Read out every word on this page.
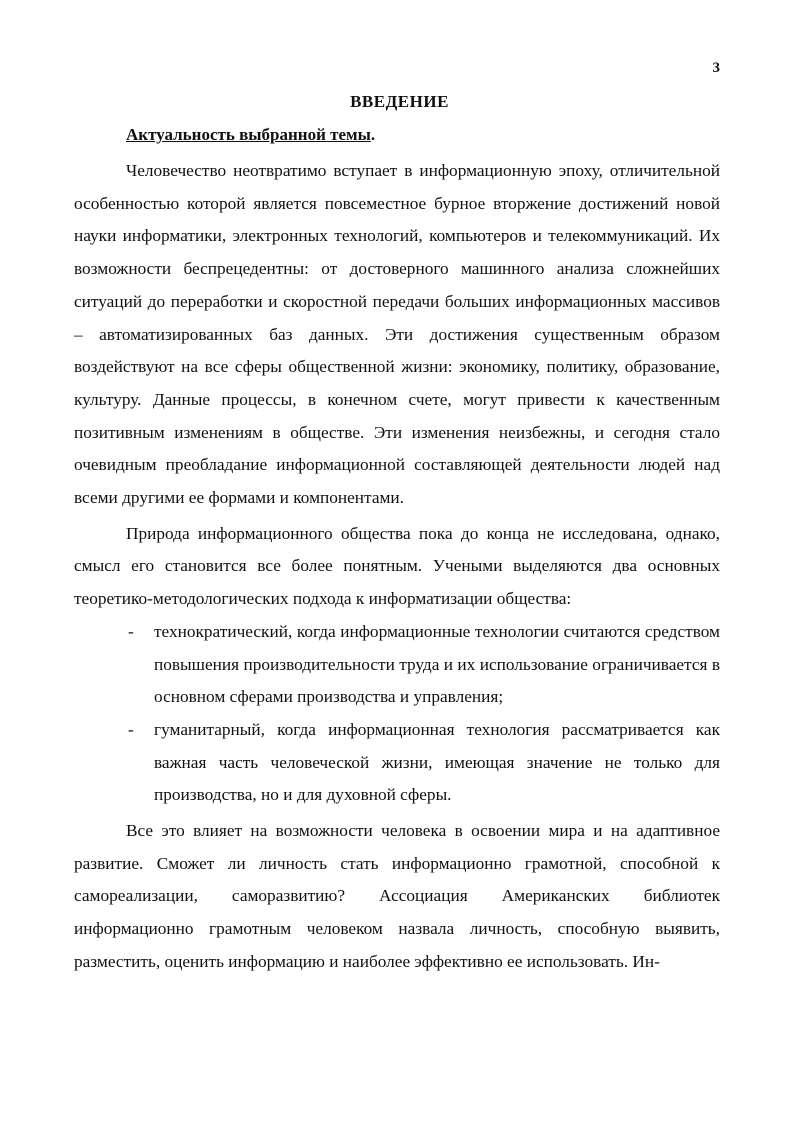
3
ВВЕДЕНИЕ
Актуальность выбранной темы.

Человечество неотвратимо вступает в информационную эпоху, отличительной особенностью которой является повсеместное бурное вторжение достижений новой науки информатики, электронных технологий, компьютеров и телекоммуникаций. Их возможности беспрецедентны: от достоверного машинного анализа сложнейших ситуаций до переработки и скоростной передачи больших информационных массивов – автоматизированных баз данных. Эти достижения существенным образом воздействуют на все сферы общественной жизни: экономику, политику, образование, культуру. Данные процессы, в конечном счете, могут привести к качественным позитивным изменениям в обществе. Эти изменения неизбежны, и сегодня стало очевидным преобладание информационной составляющей деятельности людей над всеми другими ее формами и компонентами.

Природа информационного общества пока до конца не исследована, однако, смысл его становится все более понятным. Учеными выделяются два основных теоретико-методологических подхода к информатизации общества:

- технократический, когда информационные технологии считаются средством повышения производительности труда и их использование ограничивается в основном сферами производства и управления;
- гуманитарный, когда информационная технология рассматривается как важная часть человеческой жизни, имеющая значение не только для производства, но и для духовной сферы.

Все это влияет на возможности человека в освоении мира и на адаптивное развитие. Сможет ли личность стать информационно грамотной, способной к самореализации, саморазвитию? Ассоциация Американских библиотек информационно грамотным человеком назвала личность, способную выявить, разместить, оценить информацию и наиболее эффективно ее использовать. Ин-
